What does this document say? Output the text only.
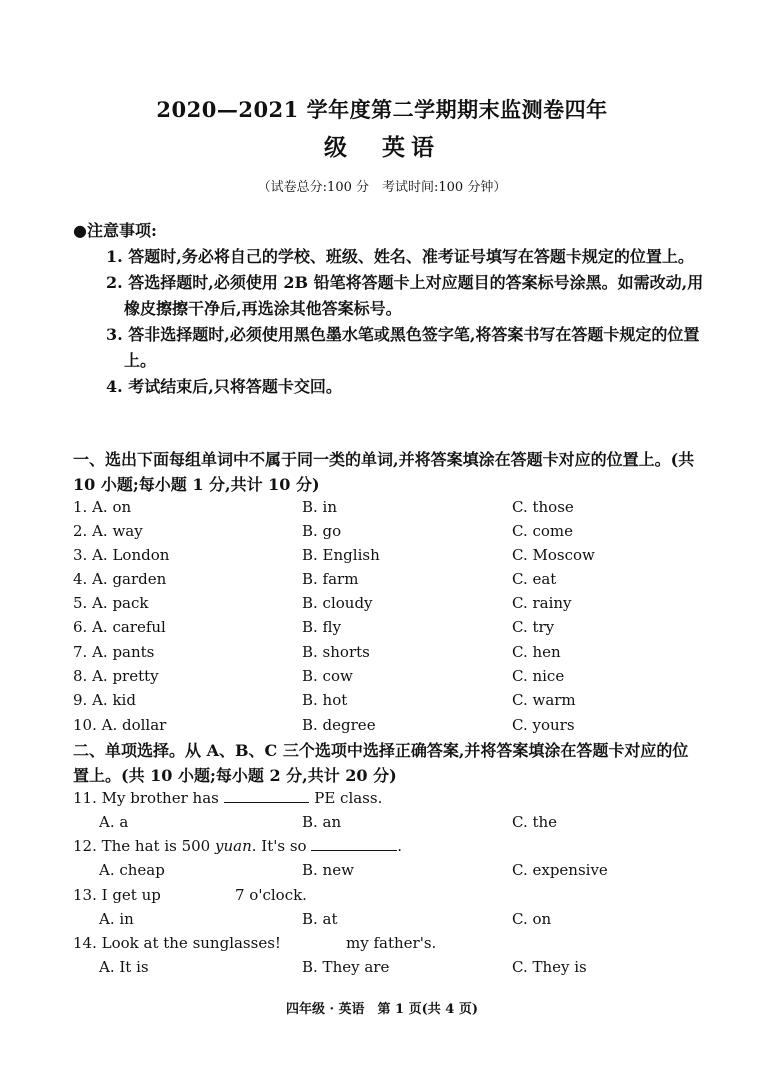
2020—2021 学年度第二学期期末监测卷四年
级　英语
（试卷总分:100 分　考试时间:100 分钟）
●注意事项:
1. 答题时,务必将自己的学校、班级、姓名、准考证号填写在答题卡规定的位置上。
2. 答选择题时,必须使用 2B 铅笔将答题卡上对应题目的答案标号涂黑。如需改动,用橡皮擦擦干净后,再选涂其他答案标号。
3. 答非选择题时,必须使用黑色墨水笔或黑色签字笔,将答案书写在答题卡规定的位置上。
4. 考试结束后,只将答题卡交回。
一、选出下面每组单词中不属于同一类的单词,并将答案填涂在答题卡对应的位置上。(共 10 小题;每小题 1 分,共计 10 分)
1. A. on	B. in	C. those
2. A. way	B. go	C. come
3. A. London	B. English	C. Moscow
4. A. garden	B. farm	C. eat
5. A. pack	B. cloudy	C. rainy
6. A. careful	B. fly	C. try
7. A. pants	B. shorts	C. hen
8. A. pretty	B. cow	C. nice
9. A. kid	B. hot	C. warm
10. A. dollar	B. degree	C. yours
二、单项选择。从 A、B、C 三个选项中选择正确答案,并将答案填涂在答题卡对应的位置上。(共 10 小题;每小题 2 分,共计 20 分)
11. My brother has	PE class.
A. a	B. an	C. the
12. The hat is 500 yuan. It's so	.
A. cheap	B. new	C. expensive
13. I get up	7 o'clock.
A. in	B. at	C. on
14. Look at the sunglasses!	my father's.
A. It is	B. They are	C. They is
四年级 · 英语　第 1 页(共 4 页)
